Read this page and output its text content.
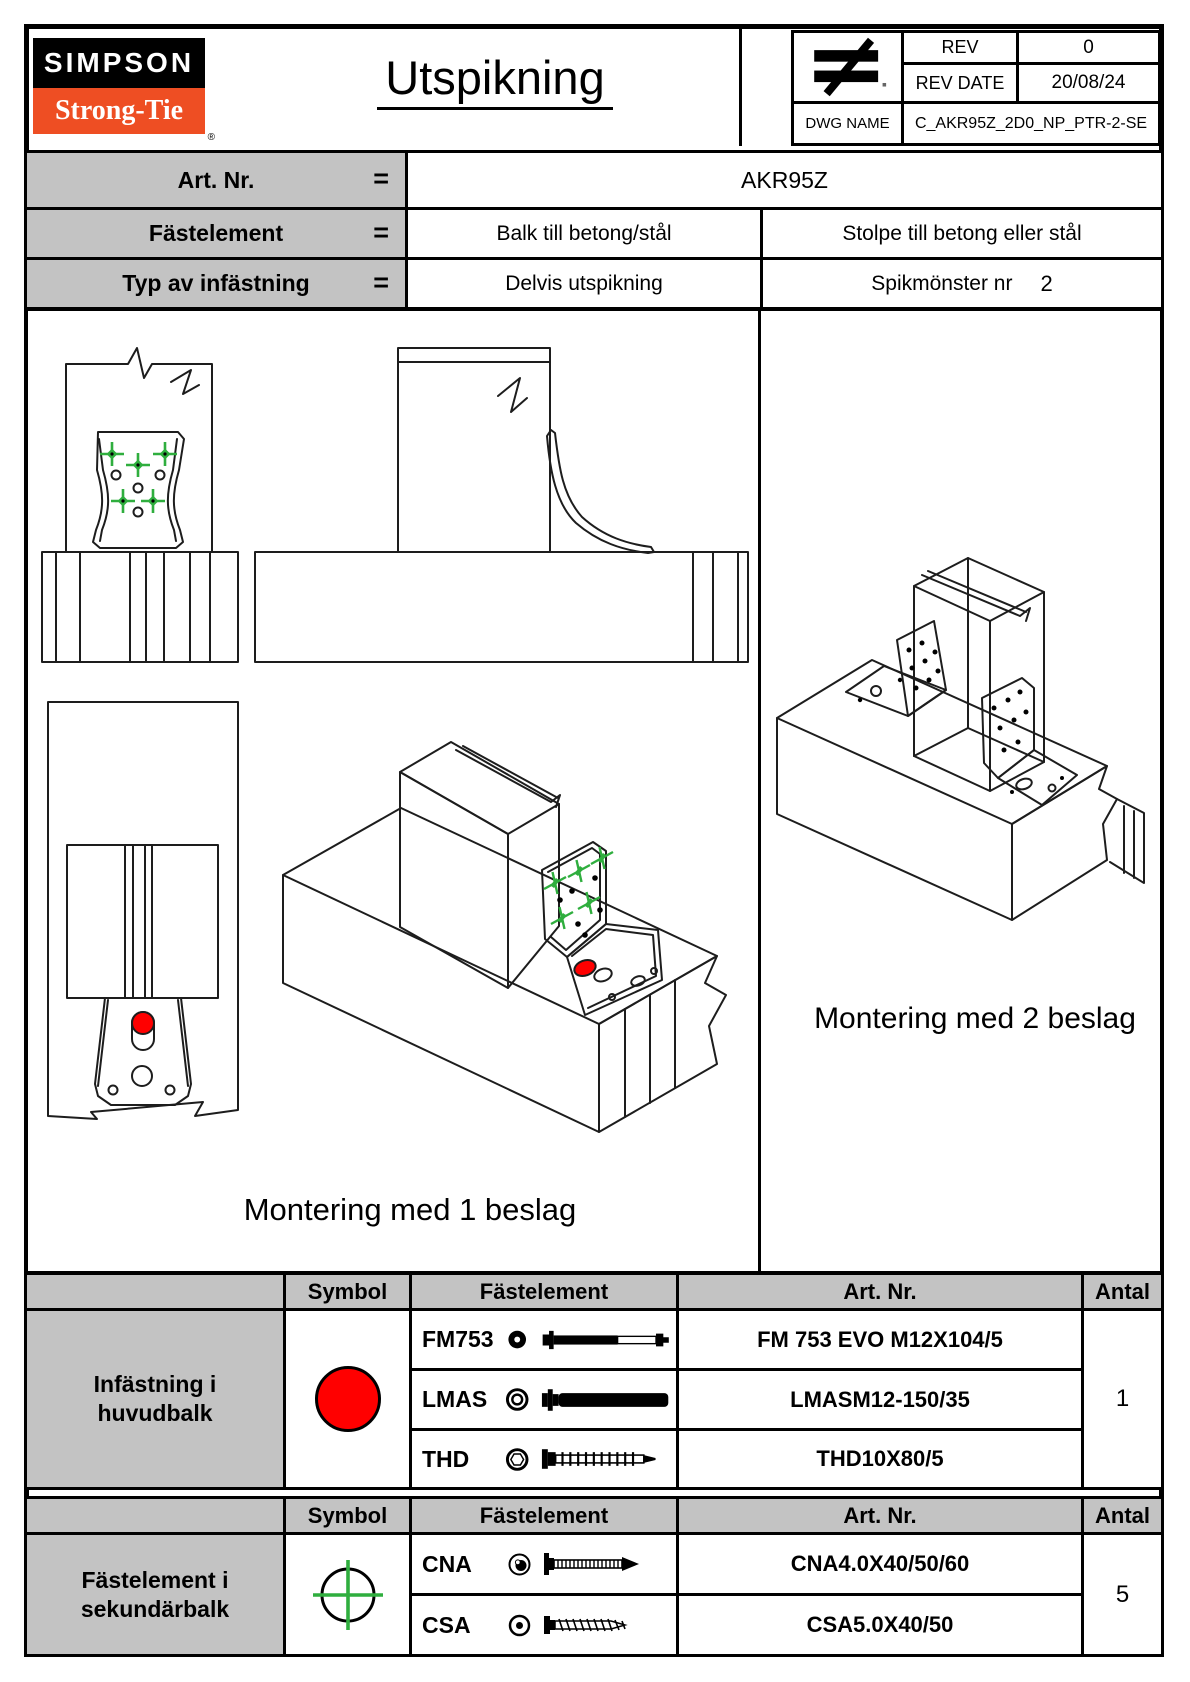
SIMPSON
Strong-Tie
®
Utspikning
REV	0
REV DATE 20/08/24
DWG NAME C_AKR95Z_2D0_NP_PTR-2-SE
Art. Nr.	=	AKR95Z
Fästelement	=	Balk till betong/stål	Stolpe till betong eller stål
Typ av infästning =	Delvis utspikning	Spikmönster nr 2
Montering med 1 beslag
Montering med 2 beslag
Symbol	Fästelement	Art. Nr.	Antal
Infästning i
huvudbalk
FM753	FM 753 EVO M12X104/5
LMAS	LMASM12-150/35
THD	THD10X80/5
1
Symbol	Fästelement	Art. Nr.	Antal
Fästelement i
sekundärbalk
CNA	CNA4.0X40/50/60
CSA	CSA5.0X40/50
5
